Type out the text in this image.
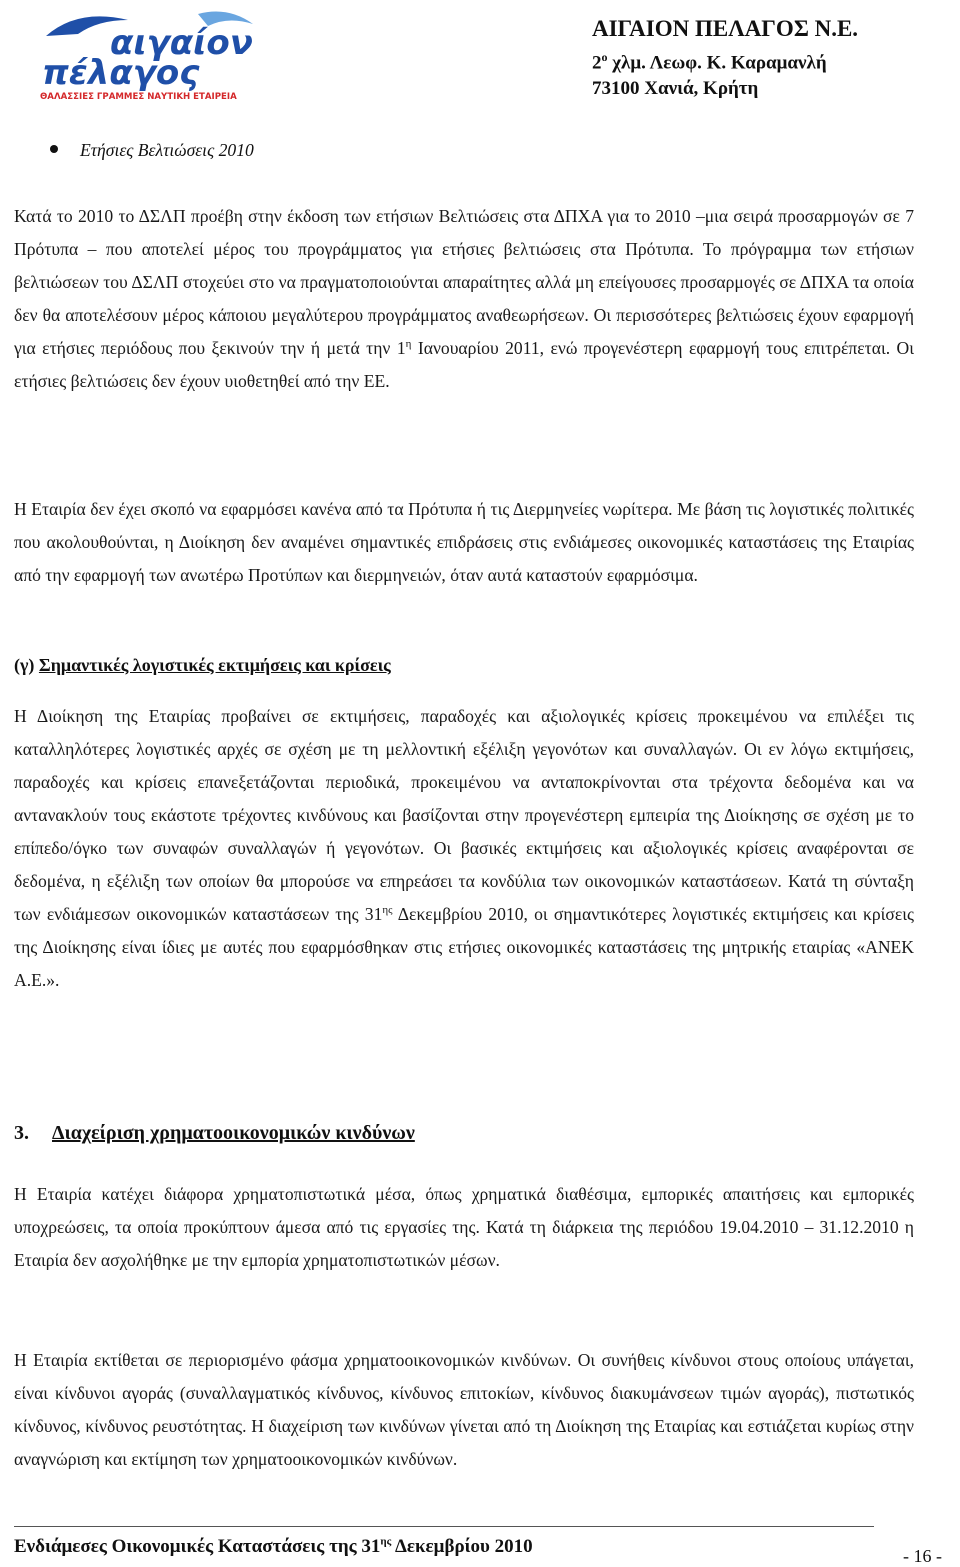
αιγαίον
πέλαγος
ΘΑΛΑΣΣΙΕΣ ΓΡΑΜΜΕΣ ΝΑΥΤΙΚΗ ΕΤΑΙΡΕΙΑ
ΑΙΓΑΙΟΝ ΠΕΛΑΓΟΣ Ν.Ε.
$2^o$ χλμ. Λεωφ. Κ. Καραμανλή
73100 Χανιά, Κρήτη
Ετήσιες Βελτιώσεις 2010

Κατά το 2010 το ΔΣΛΠ προέβη στην έκδοση των ετήσιων Βελτιώσεις στα ΔΠΧΑ για το 2010 –μια σειρά προσαρμογών σε 7 Πρότυπα – που αποτελεί μέρος του προγράμματος για ετήσιες βελτιώσεις στα Πρότυπα. Το πρόγραμμα των ετήσιων βελτιώσεων του ΔΣΛΠ στοχεύει στο να πραγματοποιούνται απαραίτητες αλλά μη επείγουσες προσαρμογές σε ΔΠΧΑ τα οποία δεν θα αποτελέσουν μέρος κάποιου μεγαλύτερου προγράμματος αναθεωρήσεων. Οι περισσότερες βελτιώσεις έχουν εφαρμογή για ετήσιες περιόδους που ξεκινούν την ή μετά την $1^\eta$ Ιανουαρίου 2011, ενώ προγενέστερη εφαρμογή τους επιτρέπεται. Οι ετήσιες βελτιώσεις δεν έχουν υιοθετηθεί από την ΕΕ.

Η Εταιρία δεν έχει σκοπό να εφαρμόσει κανένα από τα Πρότυπα ή τις Διερμηνείες νωρίτερα. Με βάση τις λογιστικές πολιτικές που ακολουθούνται, η Διοίκηση δεν αναμένει σημαντικές επιδράσεις στις ενδιάμεσες οικονομικές καταστάσεις της Εταιρίας από την εφαρμογή των ανωτέρω Προτύπων και διερμηνειών, όταν αυτά καταστούν εφαρμόσιμα.

(γ) Σημαντικές λογιστικές εκτιμήσεις και κρίσεις

Η Διοίκηση της Εταιρίας προβαίνει σε εκτιμήσεις, παραδοχές και αξιολογικές κρίσεις προκειμένου να επιλέξει τις καταλληλότερες λογιστικές αρχές σε σχέση με τη μελλοντική εξέλιξη γεγονότων και συναλλαγών. Οι εν λόγω εκτιμήσεις, παραδοχές και κρίσεις επανεξετάζονται περιοδικά, προκειμένου να ανταποκρίνονται στα τρέχοντα δεδομένα και να αντανακλούν τους εκάστοτε τρέχοντες κινδύνους και βασίζονται στην προγενέστερη εμπειρία της Διοίκησης σε σχέση με το επίπεδο/όγκο των συναφών συναλλαγών ή γεγονότων. Οι βασικές εκτιμήσεις και αξιολογικές κρίσεις αναφέρονται σε δεδομένα, η εξέλιξη των οποίων θα μπορούσε να επηρεάσει τα κονδύλια των οικονομικών καταστάσεων. Κατά τη σύνταξη των ενδιάμεσων οικονομικών καταστάσεων της $31^{\eta\varsigma}$ Δεκεμβρίου 2010, οι σημαντικότερες λογιστικές εκτιμήσεις και κρίσεις της Διοίκησης είναι ίδιες με αυτές που εφαρμόσθηκαν στις ετήσιες οικονομικές καταστάσεις της μητρικής εταιρίας «ΑΝΕΚ Α.Ε.».

3. Διαχείριση χρηματοοικονομικών κινδύνων

Η Εταιρία κατέχει διάφορα χρηματοπιστωτικά μέσα, όπως χρηματικά διαθέσιμα, εμπορικές απαιτήσεις και εμπορικές υποχρεώσεις, τα οποία προκύπτουν άμεσα από τις εργασίες της. Κατά τη διάρκεια της περιόδου 19.04.2010 – 31.12.2010 η Εταιρία δεν ασχολήθηκε με την εμπορία χρηματοπιστωτικών μέσων.

Η Εταιρία εκτίθεται σε περιορισμένο φάσμα χρηματοοικονομικών κινδύνων. Οι συνήθεις κίνδυνοι στους οποίους υπάγεται, είναι κίνδυνοι αγοράς (συναλλαγματικός κίνδυνος, κίνδυνος επιτοκίων, κίνδυνος διακυμάνσεων τιμών αγοράς), πιστωτικός κίνδυνος, κίνδυνος ρευστότητας. Η διαχείριση των κινδύνων γίνεται από τη Διοίκηση της Εταιρίας και εστιάζεται κυρίως στην αναγνώριση και εκτίμηση των χρηματοοικονομικών κινδύνων.

Ενδιάμεσες Οικονομικές Καταστάσεις της $31^{\eta\varsigma}$ Δεκεμβρίου 2010	- 16 -
